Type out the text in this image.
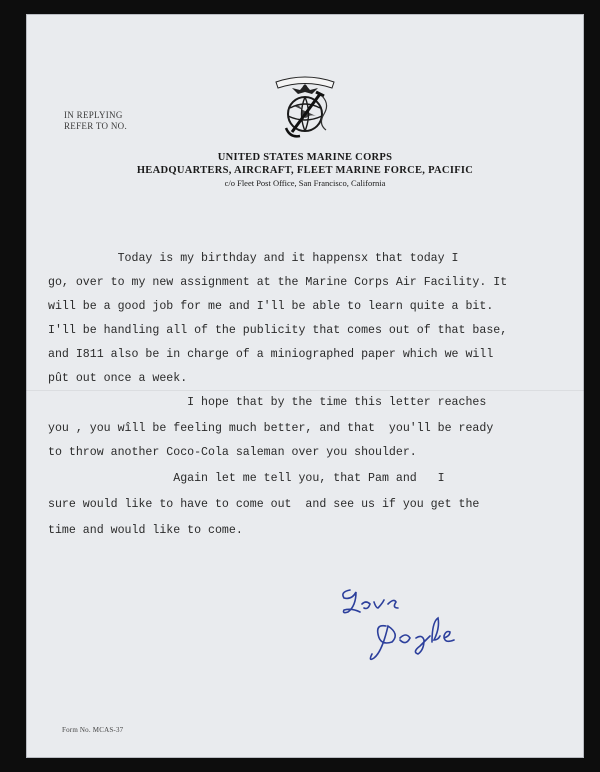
IN REPLYING
REFER TO NO.
UNITED STATES MARINE CORPS
HEADQUARTERS, AIRCRAFT, FLEET MARINE FORCE, PACIFIC
c/o Fleet Post Office, San Francisco, California
Today is my birthday and it happensx that today I
go, over to my new assignment at the Marine Corps Air Facility. It
will be a good job for me and I'll be able to learn quite a bit.
I'll be handling all of the publicity that comes out of that base,
and I811 also be in charge of a miniographed paper which we will
pût out once a week.
I hope that by the time this letter reaches
you , you wîll be feeling much better, and that  you'll be ready
to throw another Coco-Cola saleman over you shoulder.
Again let me tell you, that Pam and   I
sure would like to have to come out  and see us if you get the
time and would like to come.
Form No. MCAS-37
